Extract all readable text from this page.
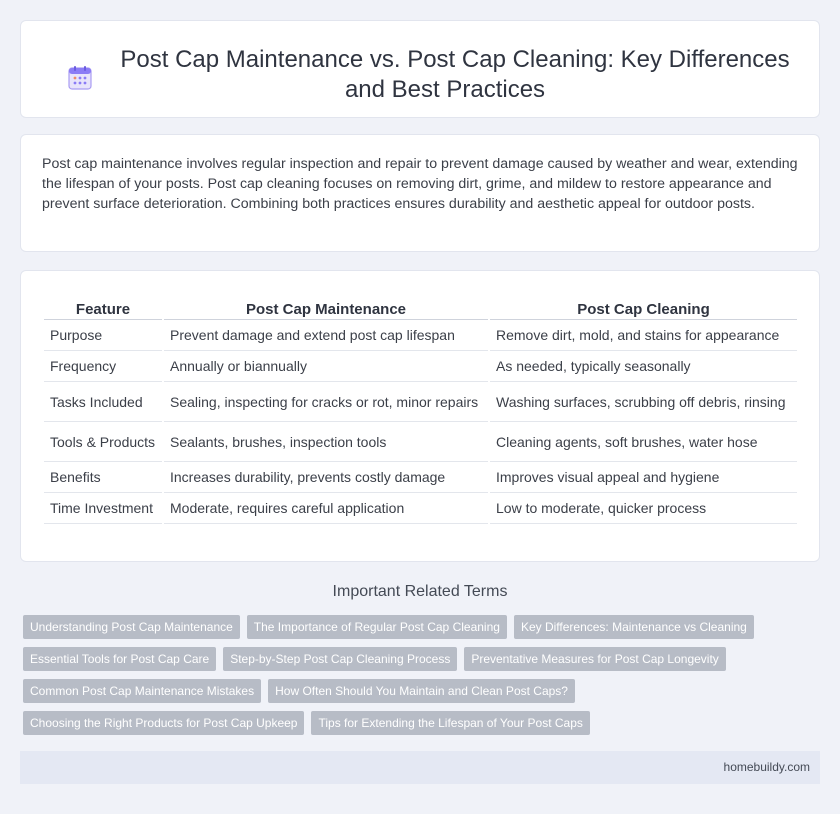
Post Cap Maintenance vs. Post Cap Cleaning: Key Differences and Best Practices

Post cap maintenance involves regular inspection and repair to prevent damage caused by weather and wear, extending the lifespan of your posts. Post cap cleaning focuses on removing dirt, grime, and mildew to restore appearance and prevent surface deterioration. Combining both practices ensures durability and aesthetic appeal for outdoor posts.

Feature	Post Cap Maintenance	Post Cap Cleaning
Purpose	Prevent damage and extend post cap lifespan	Remove dirt, mold, and stains for appearance
Frequency	Annually or biannually	As needed, typically seasonally
Tasks Included	Sealing, inspecting for cracks or rot, minor repairs	Washing surfaces, scrubbing off debris, rinsing
Tools & Products	Sealants, brushes, inspection tools	Cleaning agents, soft brushes, water hose
Benefits	Increases durability, prevents costly damage	Improves visual appeal and hygiene
Time Investment	Moderate, requires careful application	Low to moderate, quicker process
Important Related Terms
Understanding Post Cap Maintenance	The Importance of Regular Post Cap Cleaning	Key Differences: Maintenance vs Cleaning
Essential Tools for Post Cap Care	Step-by-Step Post Cap Cleaning Process	Preventative Measures for Post Cap Longevity
Common Post Cap Maintenance Mistakes	How Often Should You Maintain and Clean Post Caps?
Choosing the Right Products for Post Cap Upkeep	Tips for Extending the Lifespan of Your Post Caps
homebuildy.com
